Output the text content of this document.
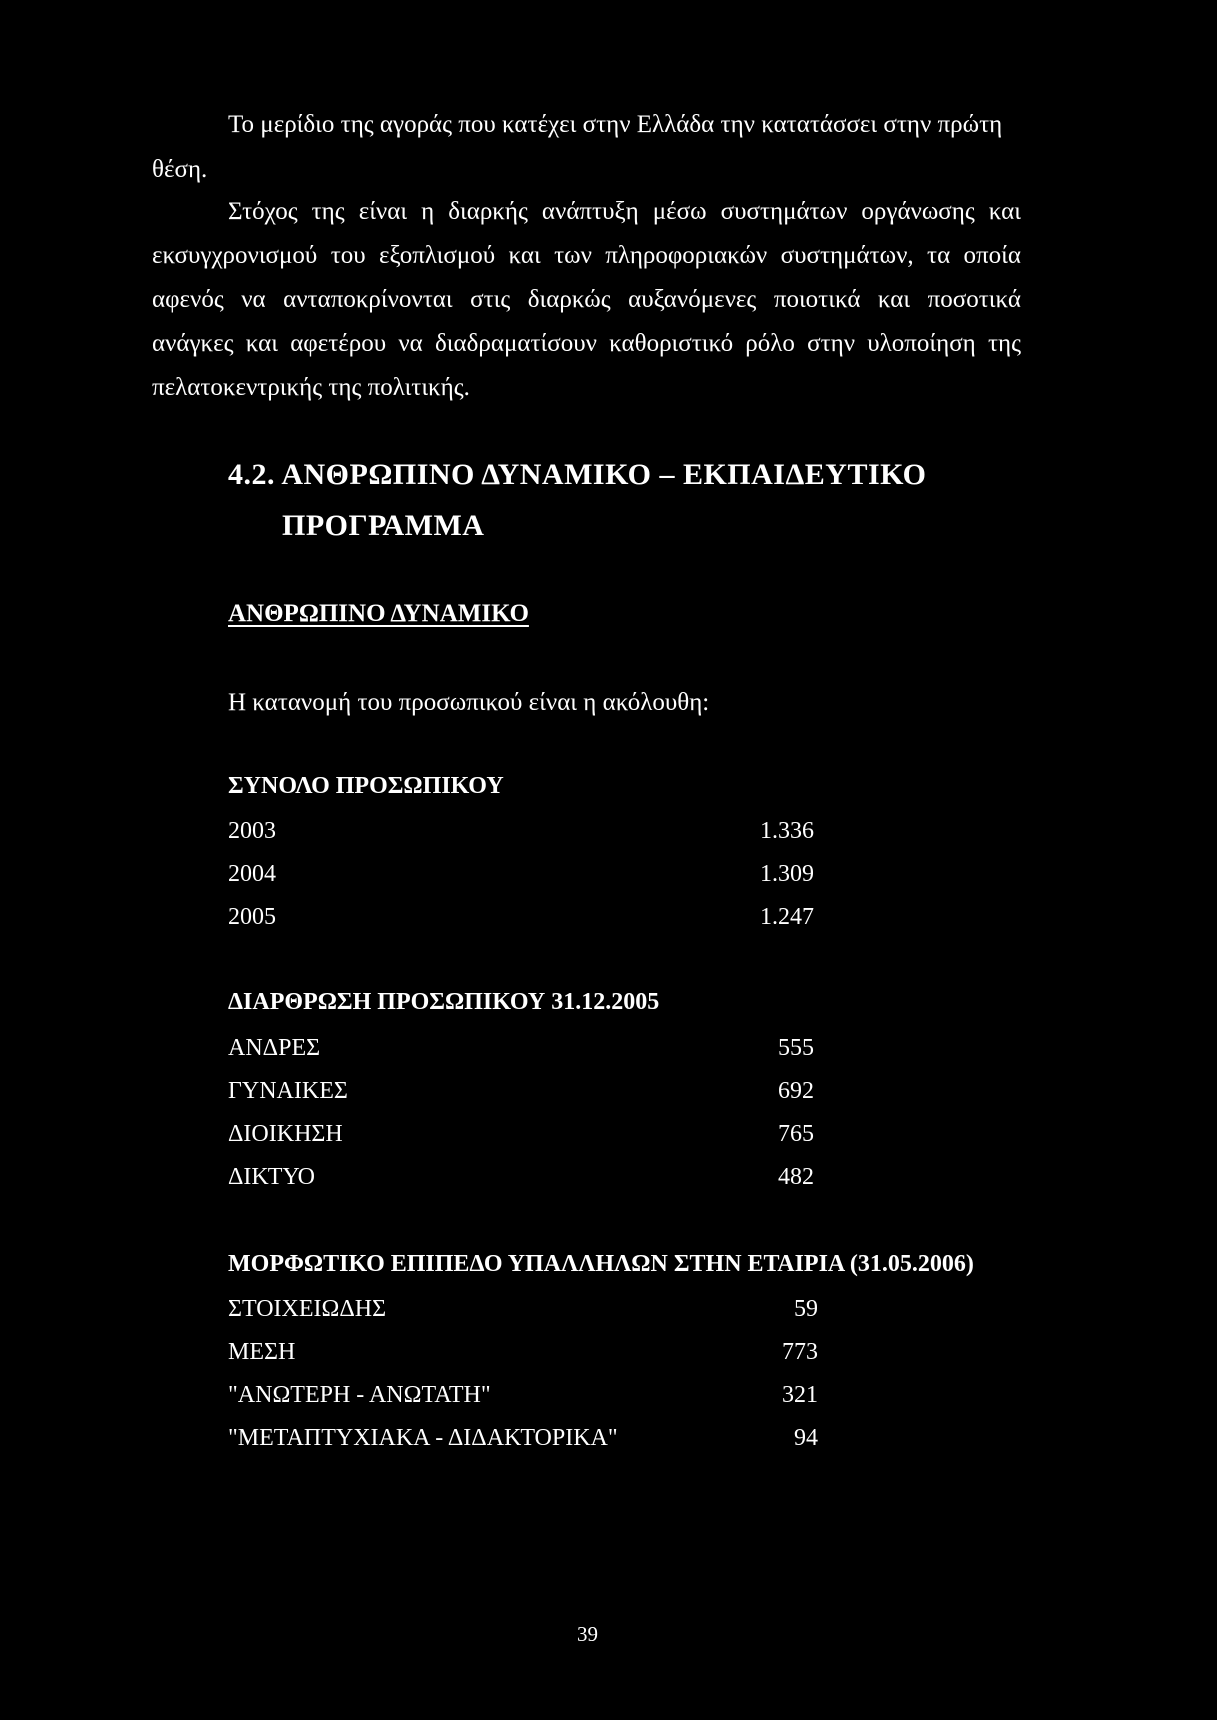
Το μερίδιο της αγοράς που κατέχει στην Ελλάδα την κατατάσσει στην πρώτη

θέση.

Στόχος της είναι η διαρκής ανάπτυξη μέσω συστημάτων οργάνωσης και

εκσυγχρονισμού του εξοπλισμού και των πληροφοριακών συστημάτων, τα οποία

αφενός να ανταποκρίνονται στις διαρκώς αυξανόμενες ποιοτικά και ποσοτικά

ανάγκες και αφετέρου να διαδραματίσουν καθοριστικό ρόλο στην υλοποίηση της

πελατοκεντρικής της πολιτικής.

4.2. ΑΝΘΡΩΠΙΝΟ ΔΥΝΑΜΙΚΟ – ΕΚΠΑΙΔΕΥΤΙΚΟ
ΠΡΟΓΡΑΜΜΑ
ΑΝΘΡΩΠΙΝΟ ΔΥΝΑΜΙΚΟ

Η κατανομή του προσωπικού είναι η ακόλουθη:

ΣΥΝΟΛΟ ΠΡΟΣΩΠΙΚΟΥ
2003	1.336
2004	1.309
2005	1.247
ΔΙΑΡΘΡΩΣΗ ΠΡΟΣΩΠΙΚΟΥ 31.12.2005
ΑΝΔΡΕΣ	555
ΓΥΝΑΙΚΕΣ	692
ΔΙΟΙΚΗΣΗ	765
ΔΙΚΤΥΟ	482
ΜΟΡΦΩΤΙΚΟ ΕΠΙΠΕΔΟ ΥΠΑΛΛΗΛΩΝ ΣΤΗΝ ΕΤΑΙΡΙΑ (31.05.2006)
ΣΤΟΙΧΕΙΩΔΗΣ	59
ΜΕΣΗ	773
"ΑΝΩΤΕΡΗ - ΑΝΩΤΑΤΗ"	321
"ΜΕΤΑΠΤΥΧΙΑΚΑ - ΔΙΔΑΚΤΟΡΙΚΑ"	94
39
